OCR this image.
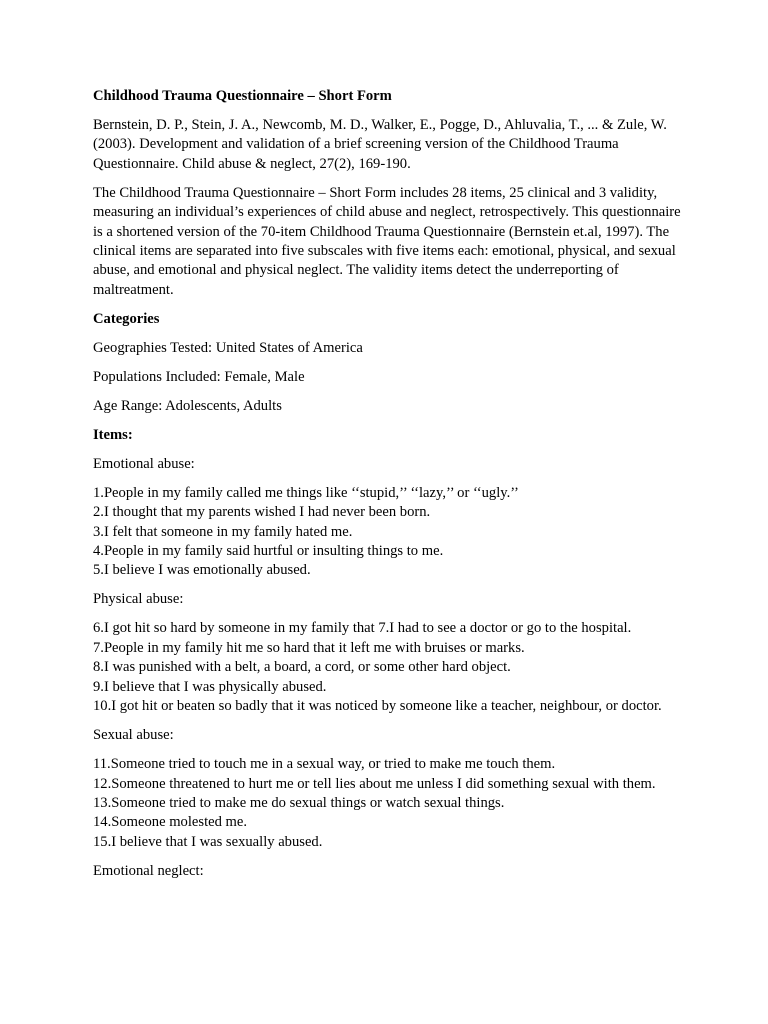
Childhood Trauma Questionnaire – Short Form

Bernstein, D. P., Stein, J. A., Newcomb, M. D., Walker, E., Pogge, D., Ahluvalia, T., ... & Zule, W. (2003). Development and validation of a brief screening version of the Childhood Trauma Questionnaire. Child abuse & neglect, 27(2), 169-190.

The Childhood Trauma Questionnaire – Short Form includes 28 items, 25 clinical and 3 validity, measuring an individual’s experiences of child abuse and neglect, retrospectively. This questionnaire is a shortened version of the 70-item Childhood Trauma Questionnaire (Bernstein et.al, 1997). The clinical items are separated into five subscales with five items each: emotional, physical, and sexual abuse, and emotional and physical neglect. The validity items detect the underreporting of maltreatment.

Categories

Geographies Tested: United States of America

Populations Included: Female, Male

Age Range: Adolescents, Adults

Items:

Emotional abuse:

1.People in my family called me things like ‘‘stupid,’’ ‘‘lazy,’’ or ‘‘ugly.’’
2.I thought that my parents wished I had never been born.
3.I felt that someone in my family hated me.
4.People in my family said hurtful or insulting things to me.
5.I believe I was emotionally abused.

Physical abuse:

6.I got hit so hard by someone in my family that 7.I had to see a doctor or go to the hospital.
7.People in my family hit me so hard that it left me with bruises or marks.
8.I was punished with a belt, a board, a cord, or some other hard object.
9.I believe that I was physically abused.
10.I got hit or beaten so badly that it was noticed by someone like a teacher, neighbour, or doctor.

Sexual abuse:

11.Someone tried to touch me in a sexual way, or tried to make me touch them.
12.Someone threatened to hurt me or tell lies about me unless I did something sexual with them.
13.Someone tried to make me do sexual things or watch sexual things.
14.Someone molested me.
15.I believe that I was sexually abused.

Emotional neglect:
